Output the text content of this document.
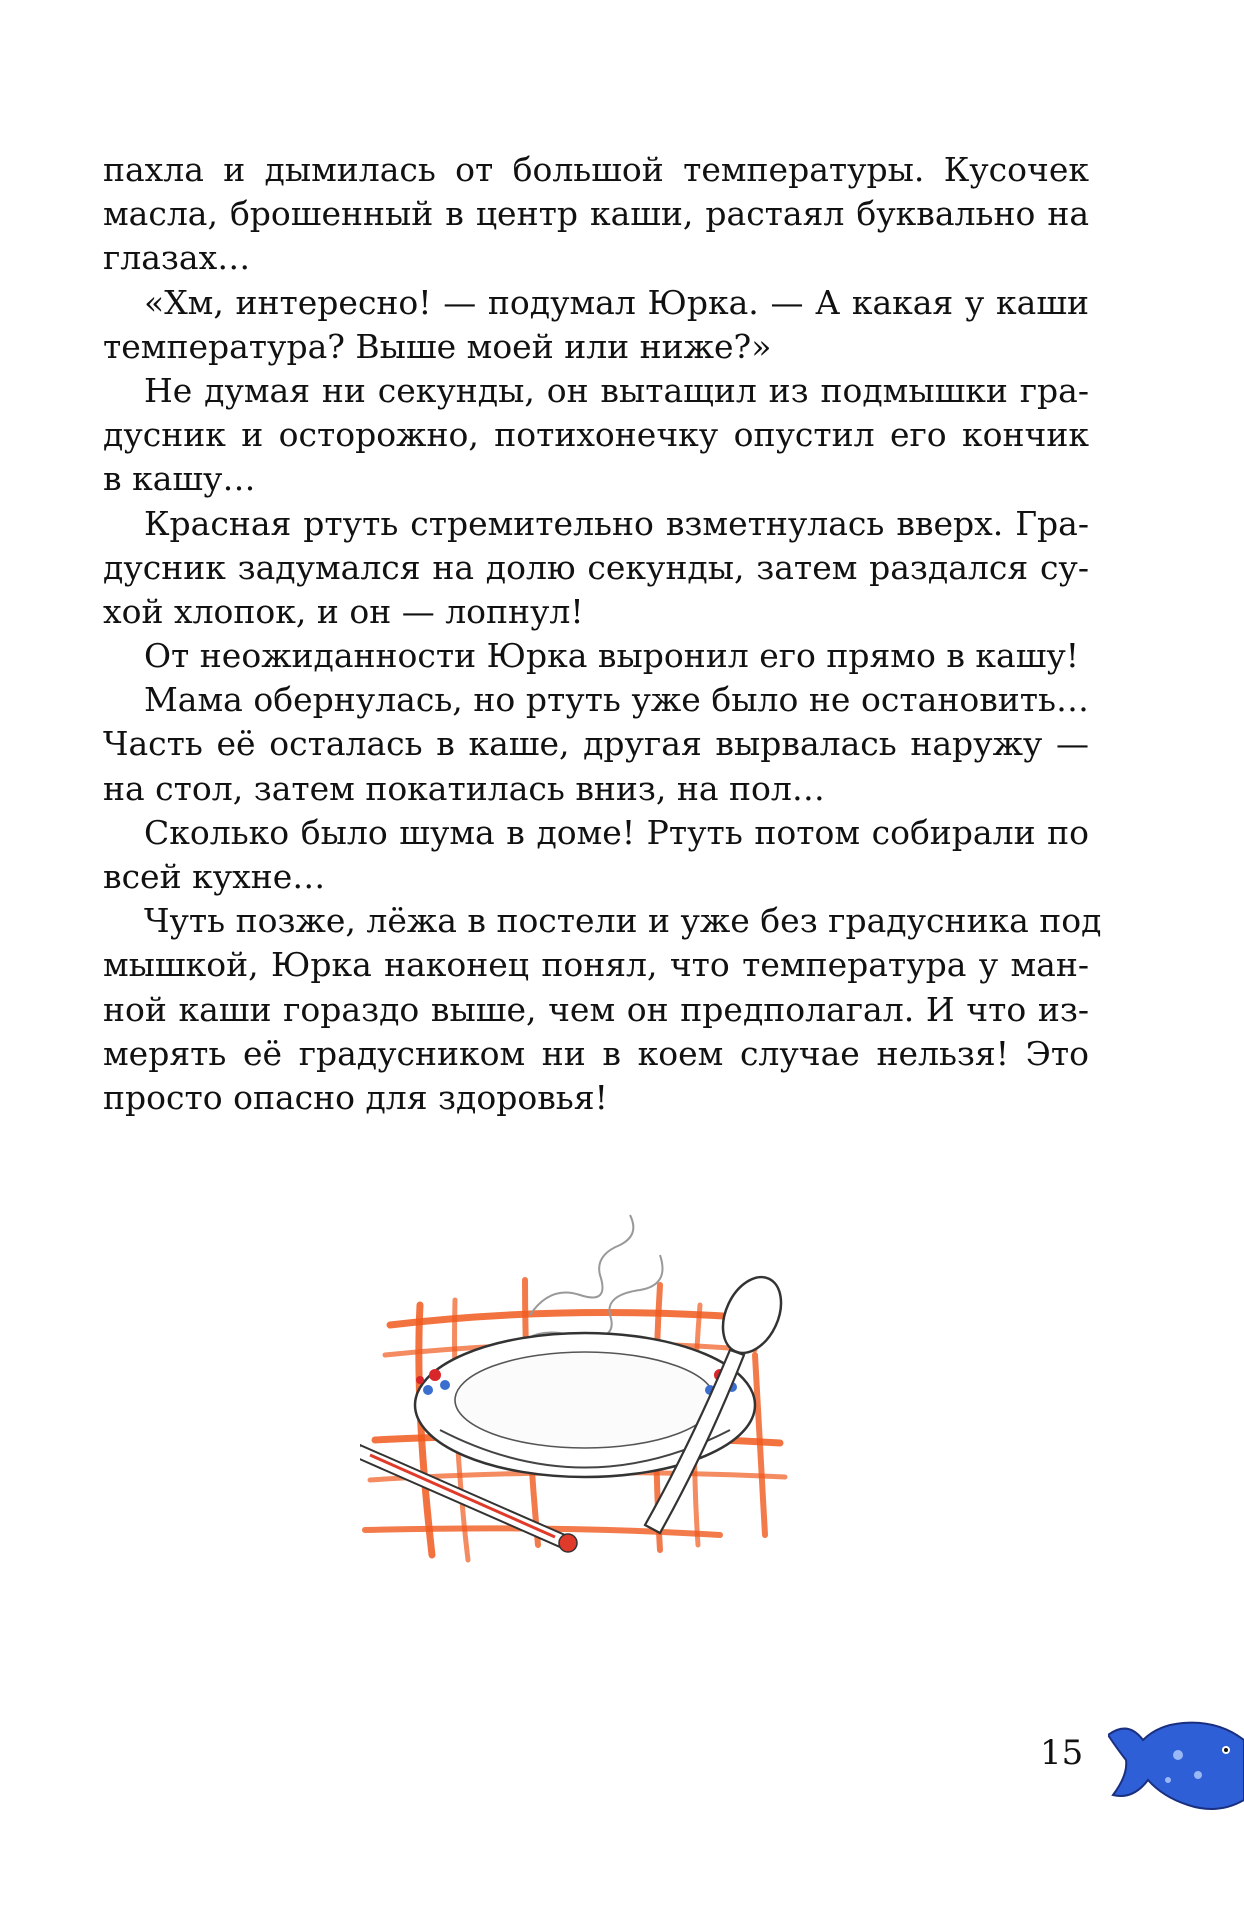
пахла и дымилась от большой температуры. Кусочек
масла, брошенный в центр каши, растаял буквально на
глазах…
«Хм, интересно! — подумал Юрка. — А какая у каши
температура? Выше моей или ниже?»
Не думая ни секунды, он вытащил из подмышки гра-
дусник и осторожно, потихонечку опустил его кончик
в кашу…
Красная ртуть стремительно взметнулась вверх. Гра-
дусник задумался на долю секунды, затем раздался су-
хой хлопок, и он — лопнул!
От неожиданности Юрка выронил его прямо в кашу!
Мама обернулась, но ртуть уже было не остановить…
Часть её осталась в каше, другая вырвалась наружу —
на стол, затем покатилась вниз, на пол…
Сколько было шума в доме! Ртуть потом собирали по
всей кухне…
Чуть позже, лёжа в постели и уже без градусника под
мышкой, Юрка наконец понял, что температура у ман-
ной каши гораздо выше, чем он предполагал. И что из-
мерять её градусником ни в коем случае нельзя! Это
просто опасно для здоровья!
15
